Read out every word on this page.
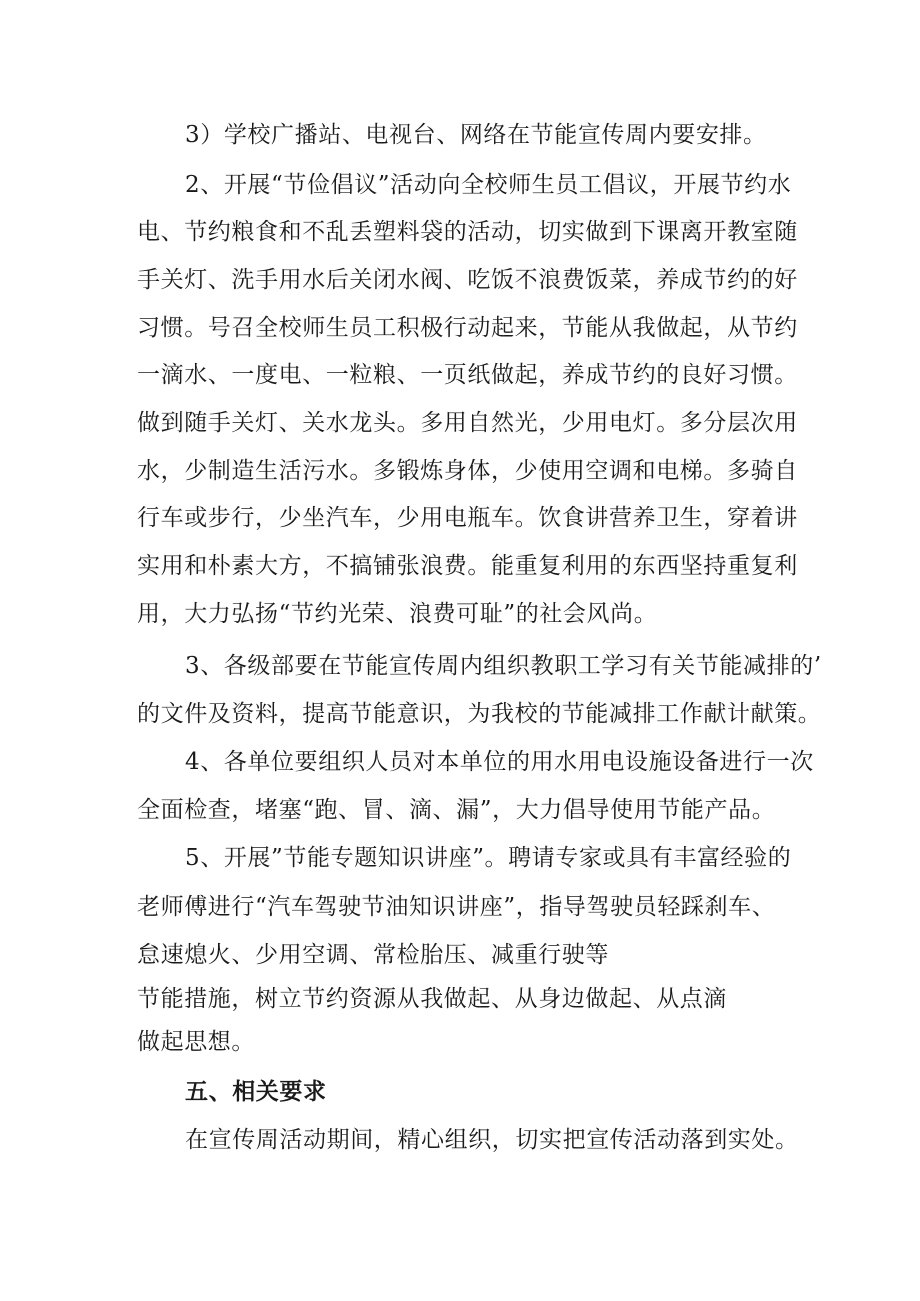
3）学校广播站、电视台、网络在节能宣传周内要安排。
2、开展“节俭倡议”活动向全校师生员工倡议，开展节约水
电、节约粮食和不乱丢塑料袋的活动，切实做到下课离开教室随
手关灯、洗手用水后关闭水阀、吃饭不浪费饭菜，养成节约的好
习惯。号召全校师生员工积极行动起来，节能从我做起，从节约
一滴水、一度电、一粒粮、一页纸做起，养成节约的良好习惯。
做到随手关灯、关水龙头。多用自然光，少用电灯。多分层次用
水，少制造生活污水。多锻炼身体，少使用空调和电梯。多骑自
行车或步行，少坐汽车，少用电瓶车。饮食讲营养卫生，穿着讲
实用和朴素大方，不搞铺张浪费。能重复利用的东西坚持重复利
用，大力弘扬“节约光荣、浪费可耻”的社会风尚。
3、各级部要在节能宣传周内组织教职工学习有关节能减排的’
的文件及资料，提高节能意识，为我校的节能减排工作献计献策。
4、各单位要组织人员对本单位的用水用电设施设备进行一次
全面检查，堵塞“跑、冒、滴、漏”，大力倡导使用节能产品。
5、开展”节能专题知识讲座”。聘请专家或具有丰富经验的
老师傅进行“汽车驾驶节油知识讲座”，指导驾驶员轻踩刹车、
怠速熄火、少用空调、常检胎压、减重行驶等
节能措施，树立节约资源从我做起、从身边做起、从点滴
做起思想。
五、相关要求
在宣传周活动期间，精心组织，切实把宣传活动落到实处。
